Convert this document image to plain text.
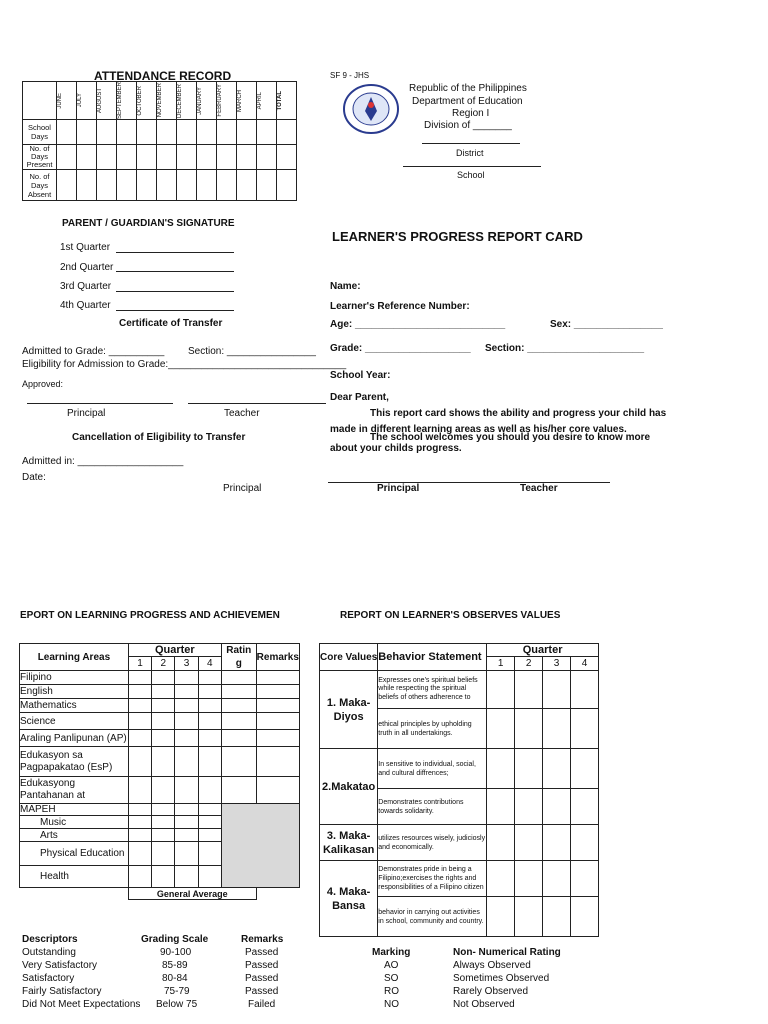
ATTENDANCE RECORD

	JUNE	JULY	AUGUST	SEPTEMBER	OCTOBER	NOVEMBER	DECEMBER	JANUARY	FEBRUARY	MARCH	APRIL	TOTAL

School Days												
No. of Days Present												
No. of Days Absent												
SF 9 - JHS
Republic of the Philippines
Department of Education
Region I
Division of _______
District
School
PARENT / GUARDIAN'S SIGNATURE
1st Quarter
2nd Quarter
3rd Quarter
4th Quarter
Certificate of Transfer
Admitted to Grade: __________ Section: ________________
Eligibility for Admission to Grade:________________________________
Approved:
Principal	Teacher
Cancellation of Eligibility to Transfer
Admitted in: ___________________
Date:
Principal
LEARNER'S PROGRESS REPORT CARD
Name:
Learner's Reference Number:
Age: ___________________________	Sex: ________________
Grade: ___________________ Section: _____________________
School Year:
Dear Parent,
This report card shows the ability and progress your child has
made in different learning areas as well as his/her core values.
The school welcomes you should you desire to know more
about your childs progress.
Principal	Teacher
EPORT ON LEARNING PROGRESS AND ACHIEVEMEN
Learning Areas	Quarter				Ratin g	Remarks
	1	2	3	4		
Filipino						
English						
Mathematics						
Science						
Araling Panlipunan (AP)						
Edukasyon sa Pagpapakatao (EsP)						
Edukasyong Pantahanan at						
MAPEH						
Music						
Arts						
Physical Education						
Health						
	General Average					
REPORT ON LEARNER'S OBSERVES VALUES
Core Values	Behavior Statement	Quarter			
		1	2	3	4
1. Maka-Diyos	Expresses one's spiritual beliefs while respecting the spiritual beliefs of others adherence to				
	ethical principles by upholding truth in all undertakings.				
2.Makatao	In sensitive to individual, social, and cultural diffrences;				
	Demonstrates contributions towards solidarity.				
3. Maka-Kalikasan	utilizes resources wisely, judiciosly and economically.				
4. Maka-Bansa	Demonstrates pride in being a Filipino;exercises the rights and responsibilities of a Filipino citizen				
	behavior in carrying out activities in school, community and country.				
Descriptors	Grading Scale	Remarks
Outstanding	90-100	Passed
Very Satisfactory	85-89	Passed
Satisfactory	80-84	Passed
Fairly Satisfactory	75-79	Passed
Did Not Meet Expectations Below 75	Failed
Marking	Non- Numerical Rating
AO	Always Observed
SO	Sometimes Observed
RO	Rarely Observed
NO	Not Observed
